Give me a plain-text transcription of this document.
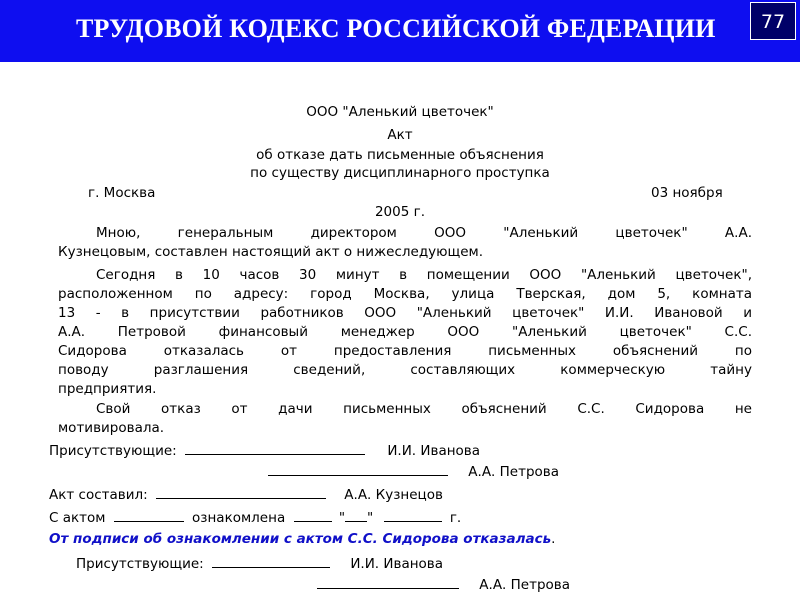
ТРУДОВОЙ КОДЕКС РОССИЙСКОЙ ФЕДЕРАЦИИ	77
ООО "Аленький цветочек"
Акт
об отказе дать письменные объяснения
по существу дисциплинарного проступка
г. Москва	03 ноября
2005 г.
Мною, генеральным директором ООО "Аленький цветочек" А.А.
Кузнецовым, составлен настоящий акт о нижеследующем.
Сегодня в 10 часов 30 минут в помещении ООО "Аленький цветочек",
расположенном по адресу: город Москва, улица Тверская, дом 5, комната
13 - в присутствии работников ООО "Аленький цветочек" И.И. Ивановой и
А.А. Петровой финансовый менеджер ООО "Аленький цветочек" С.С.
Сидорова отказалась от предоставления письменных объяснений по
поводу разглашения сведений, составляющих коммерческую тайну
предприятия.
Свой отказ от дачи письменных объяснений С.С. Сидорова не
мотивировала.
Присутствующие:	И.И. Иванова
А.А. Петрова
Акт составил:	А.А. Кузнецов
С актом	ознакомлена	" "	г.
От подписи об ознакомлении с актом С.С. Сидорова отказалась.
Присутствующие:	И.И. Иванова
А.А. Петрова
